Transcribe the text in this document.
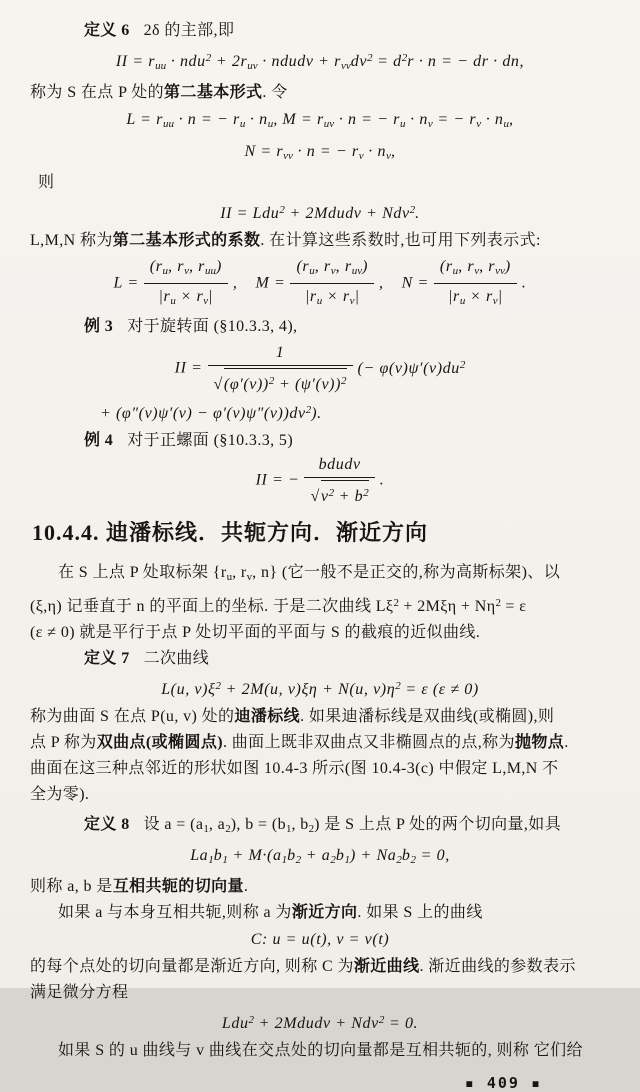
定义 6 2δ 的主部,即

II = $r_{uu} \cdot ndu^2 + 2r_{uv}$ · ndudv + $r_{vv}dv^2 = d^2r \cdot n$ = − dr · dn,

称为 S 在点 P 处的第二基本形式. 令

$L = r_{uu} \cdot n$ = − $r_u \cdot n_u$, $M = r_{uv} \cdot n$ = − $r_u \cdot n_v$ = − $r_v \cdot n_u$,

$N = r_{vv} \cdot n$ = − $r_v \cdot n_v$,

则

II = Ldu$^2$ + 2Mdudv + Ndv$^2$.

L,M,N 称为第二基本形式的系数. 在计算这些系数时,也可用下列表示式:

$L = \frac{(r_u, r_v, r_{uu})}{|r_u \times r_v|}$ , $M = \frac{(r_u, r_v, r_{uv})}{|r_u \times r_v|}$ , $N = \frac{(r_u, r_v, r_{vv})}{|r_u \times r_v|}$ .

例 3 对于旋转面 (§10.3.3, 4),

II = $\frac{1}{√(\varphi'(v))^2 + (\psi'(v))^2}$ (− $\varphi(v)\psi'(v)du^2$

+ $(\varphi''(v)\psi'(v) - \varphi'(v)\psi''(v))dv^2$).

例 4 对于正螺面 (§10.3.3, 5)

II = − $\frac{\text{bdudv}}{√v^2 + b^2}$ .

10.4.4. 迪潘标线．共轭方向．渐近方向

在 S 上点 P 处取标架 {$r_u$, $r_v$, n} (它一般不是正交的,称为高斯标架)、以

(ξ,η) 记垂直于 n 的平面上的坐标. 于是二次曲线 $L\xi^2 + 2M\xi\eta + N\eta^2 = \varepsilon$

(ε ≠ 0) 就是平行于点 P 处切平面的平面与 S 的截痕的近似曲线.

定义 7 二次曲线

L(u, $v)\xi^2 + 2M(u$, v)ξη + N(u, $v)\eta^2 = \varepsilon$ (ε ≠ 0)

称为曲面 S 在点 P(u, v) 处的迪潘标线. 如果迪潘标线是双曲线(或椭圆),则

点 P 称为双曲点(或椭圆点). 曲面上既非双曲点又非椭圆点的点,称为抛物点.

曲面在这三种点邻近的形状如图 10.4-3 所示(图 10.4-3(c) 中假定 L,M,N 不

全为零).

定义 8 设 $a = (a_1$, $a_2$), $b = (b_1$, $b_2$) 是 S 上点 P 处的两个切向量,如具

$La_1b_1 + M\cdot(a_1b_2 + a_2b_1) + Na_2b_2 = 0$,

则称 a, b 是互相共轭的切向量.

如果 a 与本身互相共轭,则称 a 为渐近方向. 如果 S 上的曲线

C: u = u(t), v = v(t)

的每个点处的切向量都是渐近方向, 则称 C 为渐近曲线. 渐近曲线的参数表示

满足微分方程

Ldu$^2$ + 2Mdudv + Ndv$^2$ = 0.

如果 S 的 u 曲线与 v 曲线在交点处的切向量都是互相共轭的, 则称 它们给

▪ 409 ▪
